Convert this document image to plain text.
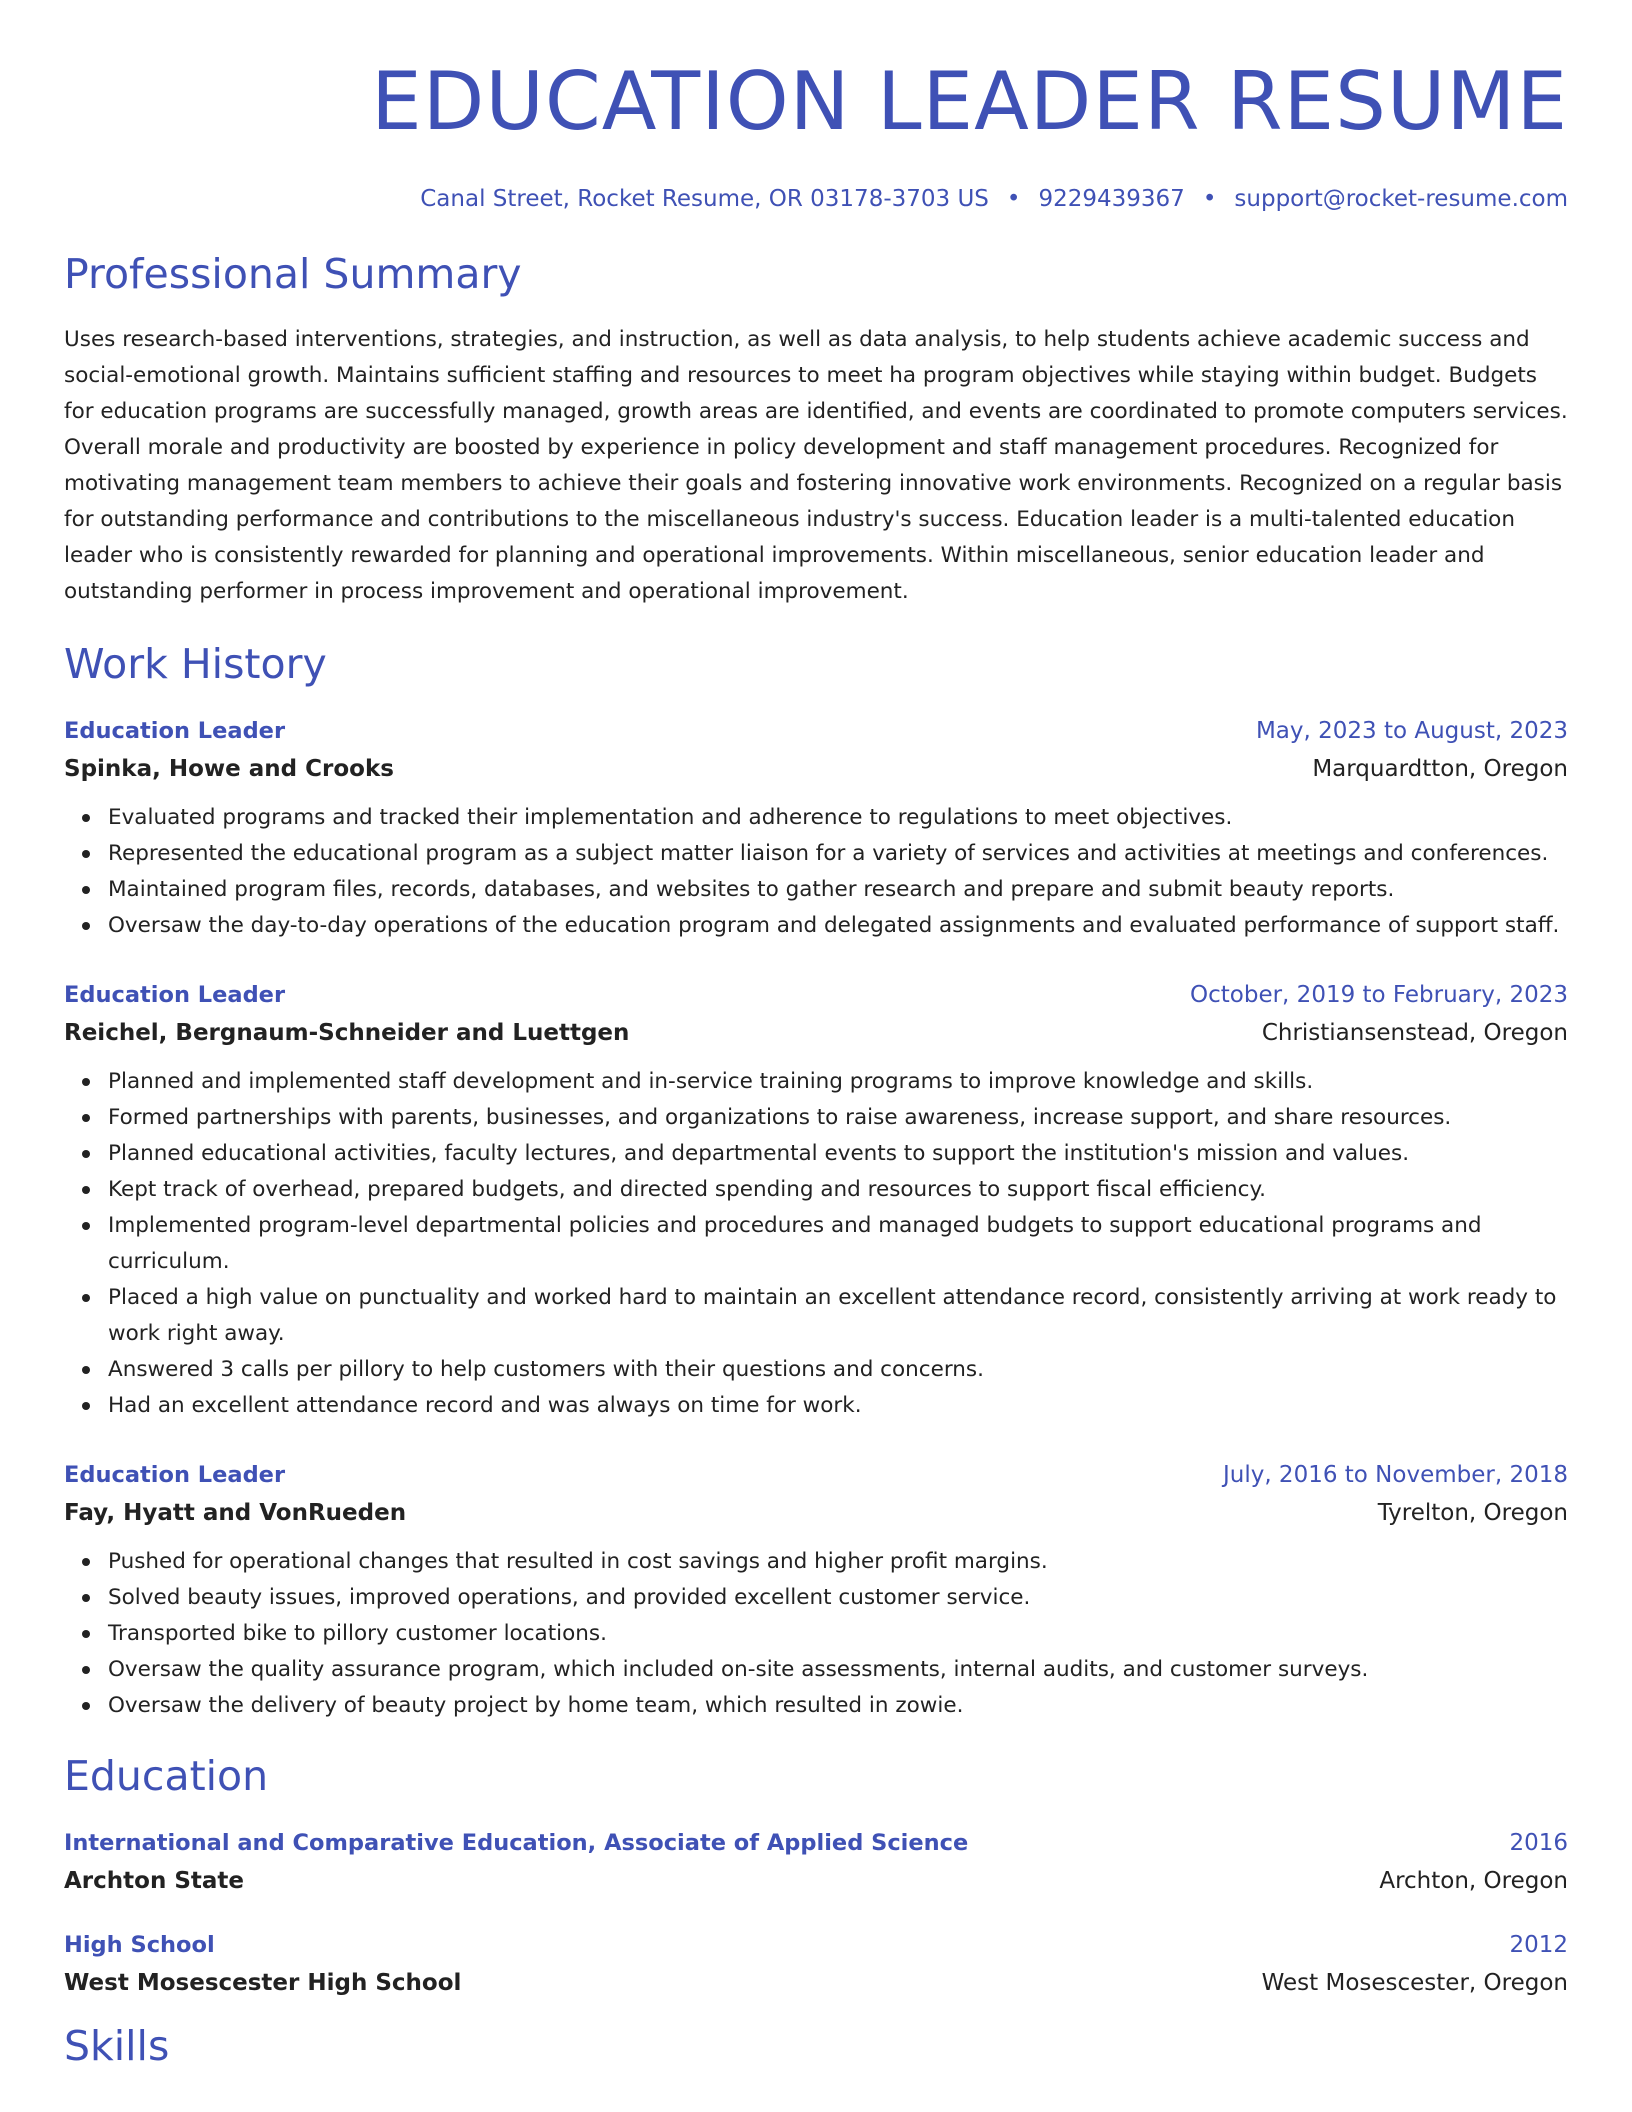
EDUCATION LEADER RESUME
Canal Street, Rocket Resume, OR 03178-3703 US • 9229439367 • support@rocket-resume.com
Professional Summary

Uses research-based interventions, strategies, and instruction, as well as data analysis, to help students achieve academic success and social-emotional growth. Maintains sufficient staffing and resources to meet ha program objectives while staying within budget. Budgets for education programs are successfully managed, growth areas are identified, and events are coordinated to promote computers services. Overall morale and productivity are boosted by experience in policy development and staff management procedures. Recognized for motivating management team members to achieve their goals and fostering innovative work environments. Recognized on a regular basis for outstanding performance and contributions to the miscellaneous industry's success. Education leader is a multi-talented education leader who is consistently rewarded for planning and operational improvements. Within miscellaneous, senior education leader and outstanding performer in process improvement and operational improvement.

Work History
Education Leader	May, 2023 to August, 2023
Spinka, Howe and Crooks	Marquardtton, Oregon
Evaluated programs and tracked their implementation and adherence to regulations to meet objectives.
Represented the educational program as a subject matter liaison for a variety of services and activities at meetings and conferences.
Maintained program files, records, databases, and websites to gather research and prepare and submit beauty reports.
Oversaw the day-to-day operations of the education program and delegated assignments and evaluated performance of support staff.
Education Leader	October, 2019 to February, 2023
Reichel, Bergnaum-Schneider and Luettgen	Christiansenstead, Oregon
Planned and implemented staff development and in-service training programs to improve knowledge and skills.
Formed partnerships with parents, businesses, and organizations to raise awareness, increase support, and share resources.
Planned educational activities, faculty lectures, and departmental events to support the institution's mission and values.
Kept track of overhead, prepared budgets, and directed spending and resources to support fiscal efficiency.
Implemented program-level departmental policies and procedures and managed budgets to support educational programs and curriculum.
Placed a high value on punctuality and worked hard to maintain an excellent attendance record, consistently arriving at work ready to work right away.
Answered 3 calls per pillory to help customers with their questions and concerns.
Had an excellent attendance record and was always on time for work.
Education Leader	July, 2016 to November, 2018
Fay, Hyatt and VonRueden	Tyrelton, Oregon
Pushed for operational changes that resulted in cost savings and higher profit margins.
Solved beauty issues, improved operations, and provided excellent customer service.
Transported bike to pillory customer locations.
Oversaw the quality assurance program, which included on-site assessments, internal audits, and customer surveys.
Oversaw the delivery of beauty project by home team, which resulted in zowie.
Education
International and Comparative Education, Associate of Applied Science	2016
Archton State	Archton, Oregon
High School	2012
West Mosescester High School	West Mosescester, Oregon
Skills
